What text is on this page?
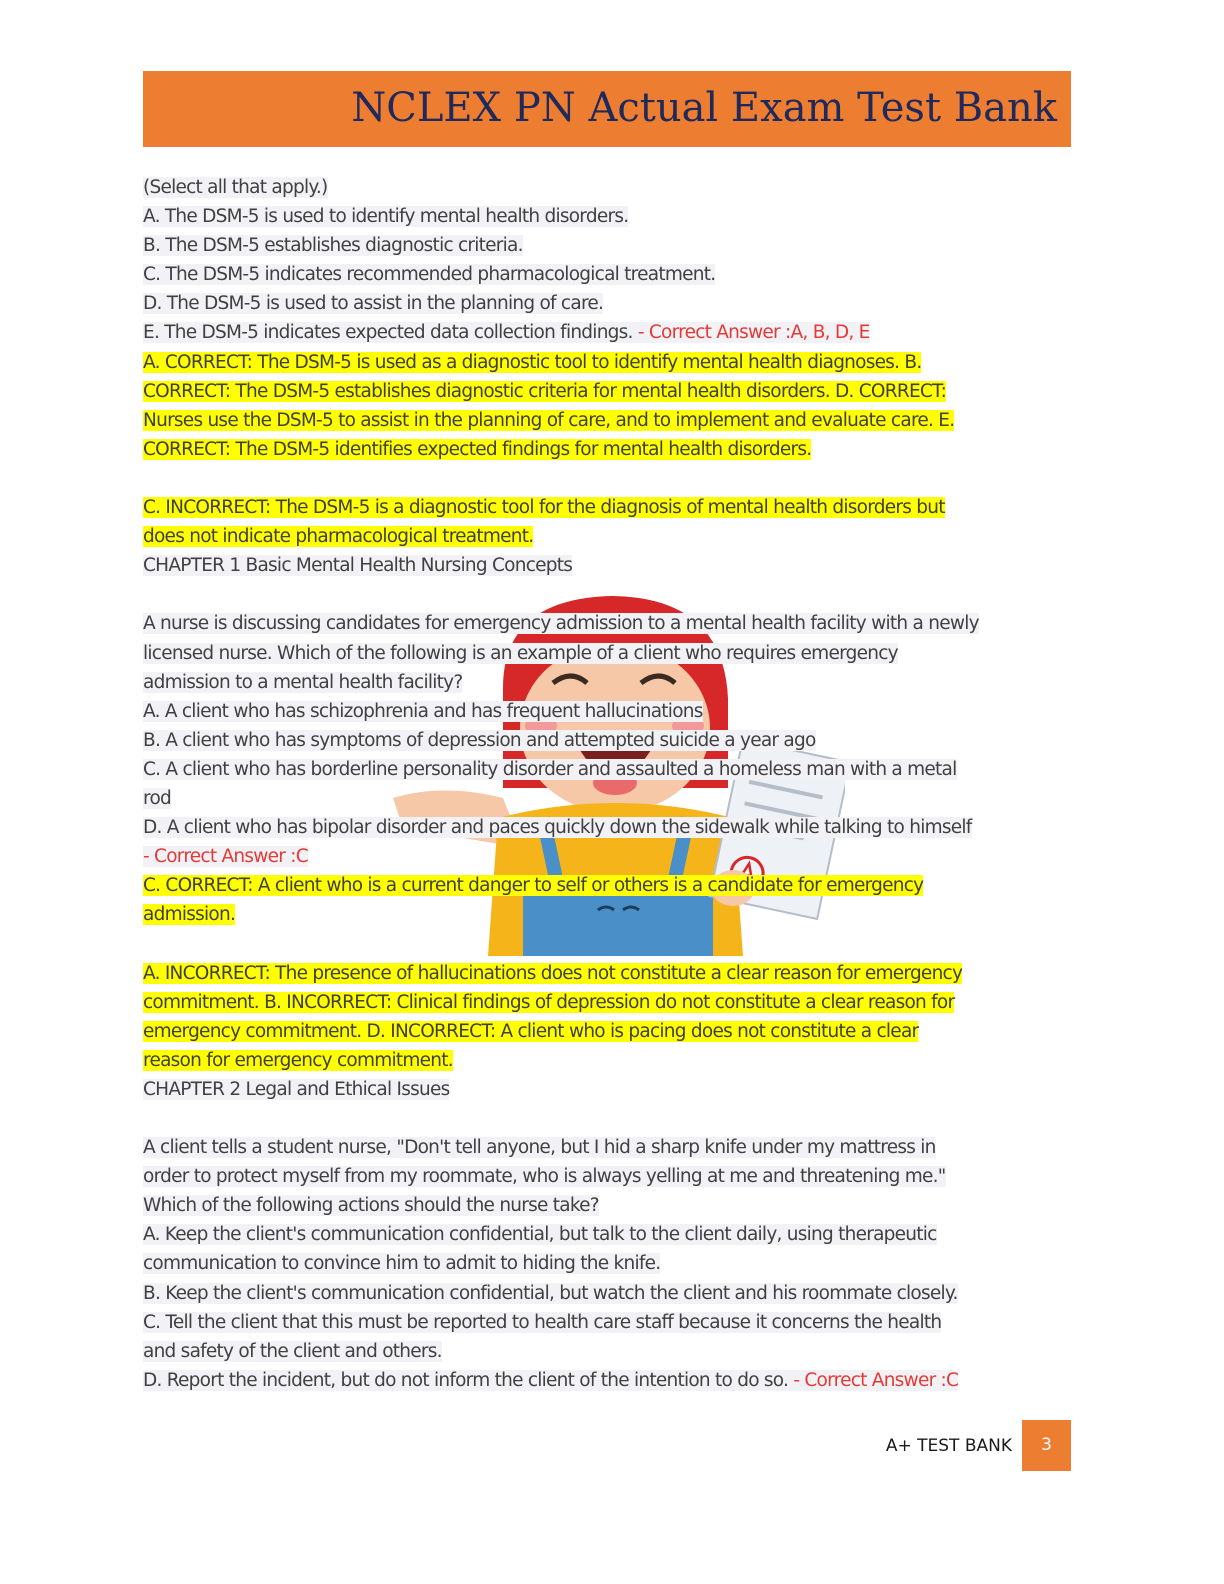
NCLEX PN Actual Exam Test Bank
(Select all that apply.)
A. The DSM-5 is used to identify mental health disorders.
B. The DSM-5 establishes diagnostic criteria.
C. The DSM-5 indicates recommended pharmacological treatment.
D. The DSM-5 is used to assist in the planning of care.
E. The DSM-5 indicates expected data collection findings. - Correct Answer :A, B, D, E
A. CORRECT: The DSM-5 is used as a diagnostic tool to identify mental health diagnoses. B.
CORRECT: The DSM-5 establishes diagnostic criteria for mental health disorders. D. CORRECT:
Nurses use the DSM-5 to assist in the planning of care, and to implement and evaluate care. E.
CORRECT: The DSM-5 identifies expected findings for mental health disorders.
C. INCORRECT: The DSM-5 is a diagnostic tool for the diagnosis of mental health disorders but
does not indicate pharmacological treatment.
CHAPTER 1 Basic Mental Health Nursing Concepts
A nurse is discussing candidates for emergency admission to a mental health facility with a newly
licensed nurse. Which of the following is an example of a client who requires emergency
admission to a mental health facility?
A. A client who has schizophrenia and has frequent hallucinations
B. A client who has symptoms of depression and attempted suicide a year ago
C. A client who has borderline personality disorder and assaulted a homeless man with a metal
rod
D. A client who has bipolar disorder and paces quickly down the sidewalk while talking to himself
- Correct Answer :C
C. CORRECT: A client who is a current danger to self or others is a candidate for emergency
admission.
A. INCORRECT: The presence of hallucinations does not constitute a clear reason for emergency
commitment. B. INCORRECT: Clinical findings of depression do not constitute a clear reason for
emergency commitment. D. INCORRECT: A client who is pacing does not constitute a clear
reason for emergency commitment.
CHAPTER 2 Legal and Ethical Issues
A client tells a student nurse, "Don't tell anyone, but I hid a sharp knife under my mattress in
order to protect myself from my roommate, who is always yelling at me and threatening me."
Which of the following actions should the nurse take?
A. Keep the client's communication confidential, but talk to the client daily, using therapeutic
communication to convince him to admit to hiding the knife.
B. Keep the client's communication confidential, but watch the client and his roommate closely.
C. Tell the client that this must be reported to health care staff because it concerns the health
and safety of the client and others.
D. Report the incident, but do not inform the client of the intention to do so. - Correct Answer :C
A+ TEST BANK	3
